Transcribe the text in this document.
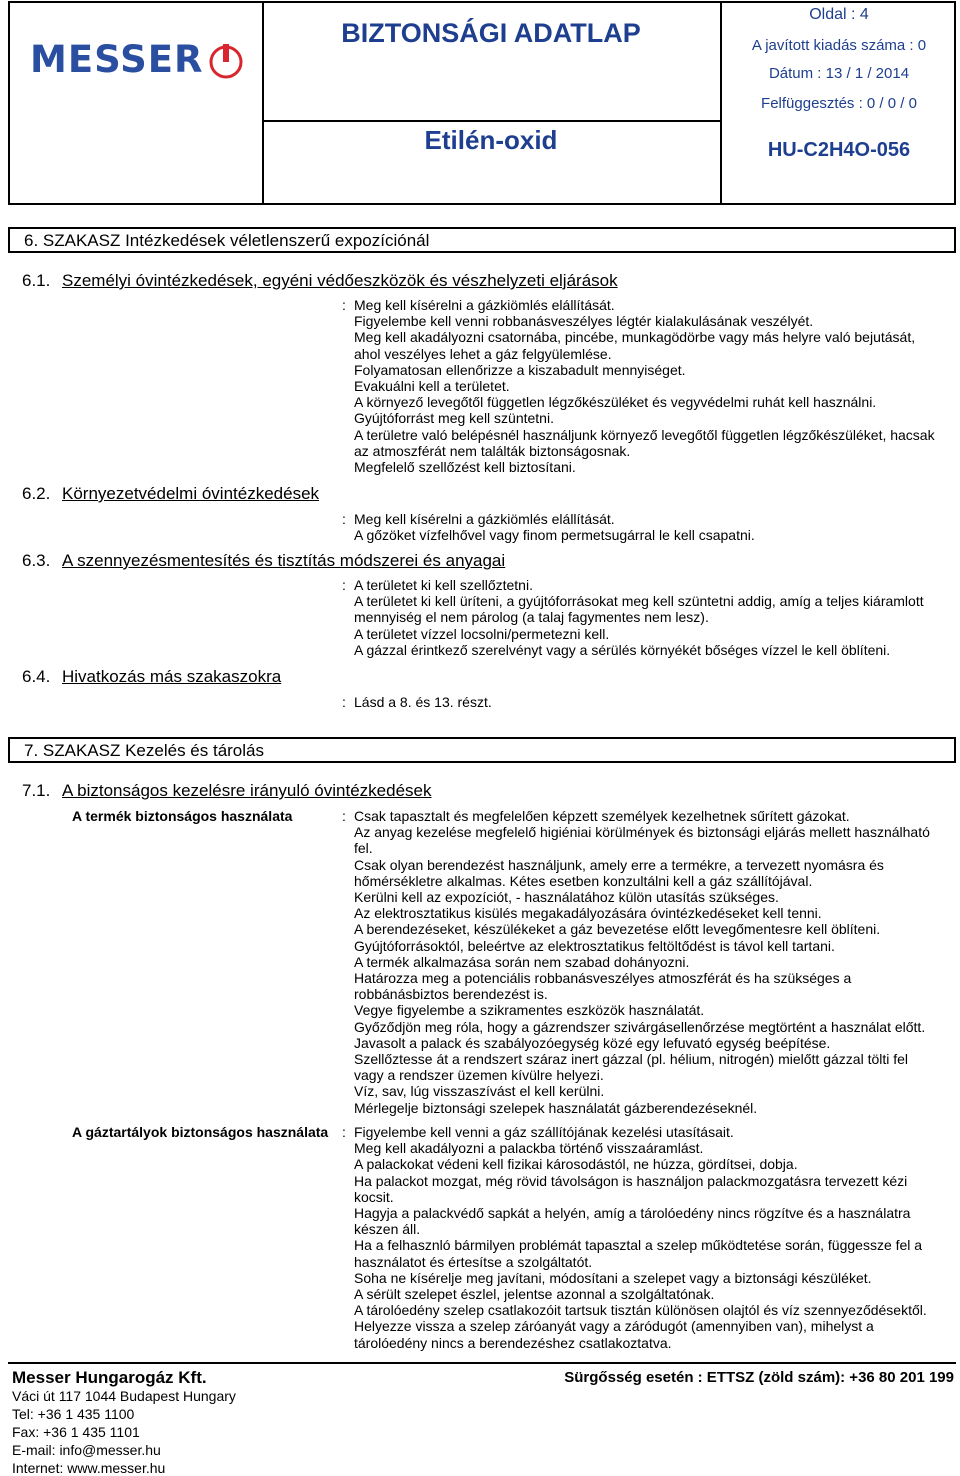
MESSER
BIZTONSÁGI ADATLAP
Etilén-oxid
Oldal : 4
A javított kiadás száma : 0
Dátum : 13 / 1 / 2014
Felfüggesztés : 0 / 0 / 0
HU-C2H4O-056
6. SZAKASZ Intézkedések véletlenszerű expozíciónál
6.1. Személyi óvintézkedések, egyéni védőeszközök és vészhelyzeti eljárások
: Meg kell kísérelni a gázkiömlés elállítását.
Figyelembe kell venni robbanásveszélyes légtér kialakulásának veszélyét.
Meg kell akadályozni csatornába, pincébe, munkagödörbe vagy más helyre való bejutását,
ahol veszélyes lehet a gáz felgyülemlése.
Folyamatosan ellenőrizze a kiszabadult mennyiséget.
Evakuálni kell a területet.
A környező levegőtől független légzőkészüléket és vegyvédelmi ruhát kell használni.
Gyújtóforrást meg kell szüntetni.
A területre való belépésnél használjunk környező levegőtől független légzőkészüléket, hacsak
az atmoszférát nem találták biztonságosnak.
Megfelelő szellőzést kell biztosítani.
6.2. Környezetvédelmi óvintézkedések
: Meg kell kísérelni a gázkiömlés elállítását.
A gőzöket vízfelhővel vagy finom permetsugárral le kell csapatni.
6.3. A szennyezésmentesítés és tisztítás módszerei és anyagai
: A területet ki kell szellőztetni.
A területet ki kell üríteni, a gyújtóforrásokat meg kell szüntetni addig, amíg a teljes kiáramlott
mennyiség el nem párolog (a talaj fagymentes nem lesz).
A területet vízzel locsolni/permetezni kell.
A gázzal érintkező szerelvényt vagy a sérülés környékét bőséges vízzel le kell öblíteni.
6.4. Hivatkozás más szakaszokra
: Lásd a 8. és 13. részt.
7. SZAKASZ Kezelés és tárolás
7.1. A biztonságos kezelésre irányuló óvintézkedések
A termék biztonságos használata	: Csak tapasztalt és megfelelően képzett személyek kezelhetnek sűrített gázokat.
Az anyag kezelése megfelelő higiéniai körülmények és biztonsági eljárás mellett használható
fel.
Csak olyan berendezést használjunk, amely erre a termékre, a tervezett nyomásra és
hőmérsékletre alkalmas. Kétes esetben konzultálni kell a gáz szállítójával.
Kerülni kell az expozíciót, - használatához külön utasítás szükséges.
Az elektrosztatikus kisülés megakadályozására óvintézkedéseket kell tenni.
A berendezéseket, készülékeket a gáz bevezetése előtt levegőmentesre kell öblíteni.
Gyújtóforrásoktól, beleértve az elektrosztatikus feltöltődést is távol kell tartani.
A termék alkalmazása során nem szabad dohányozni.
Határozza meg a potenciális robbanásveszélyes atmoszférát és ha szükséges a
robbánásbiztos berendezést is.
Vegye figyelembe a szikramentes eszközök használatát.
Győződjön meg róla, hogy a gázrendszer szivárgásellenőrzése megtörtént a használat előtt.
Javasolt a palack és szabályozóegység közé egy lefuvató egység beépítése.
Szellőztesse át a rendszert száraz inert gázzal (pl. hélium, nitrogén) mielőtt gázzal tölti fel
vagy a rendszer üzemen kívülre helyezi.
Víz, sav, lúg visszaszívást el kell kerülni.
Mérlegelje biztonsági szelepek használatát gázberendezéseknél.
A gáztartályok biztonságos használata : Figyelembe kell venni a gáz szállítójának kezelési utasításait.
Meg kell akadályozni a palackba történő visszaáramlást.
A palackokat védeni kell fizikai károsodástól, ne húzza, gördítsei, dobja.
Ha palackot mozgat, még rövid távolságon is használjon palackmozgatásra tervezett kézi
kocsit.
Hagyja a palackvédő sapkát a helyén, amíg a tárolóedény nincs rögzítve és a használatra
készen áll.
Ha a felhasznló bármilyen problémát tapasztal a szelep működtetése során, függesszе fel a
használatot és értesítse a szolgáltatót.
Soha ne kísérelje meg javítani, módosítani a szelepet vagy a biztonsági készüléket.
A sérült szelepet észlel, jelentse azonnal a szolgáltatónak.
A tárolóedény szelep csatlakozóit tartsuk tisztán különösen olajtól és víz szennyeződésektől.
Helyezze vissza a szelep záróanyát vagy a záródugót (amennyiben van), mihelyst a
tárolóedény nincs a berendezéshez csatlakoztatva.
Messer Hungarogáz Kft.	Sürgősség esetén : ETTSZ (zöld szám): +36 80 201 199
Váci út 117 1044 Budapest Hungary
Tel: +36 1 435 1100
Fax: +36 1 435 1101
E-mail: info@messer.hu
Internet: www.messer.hu
